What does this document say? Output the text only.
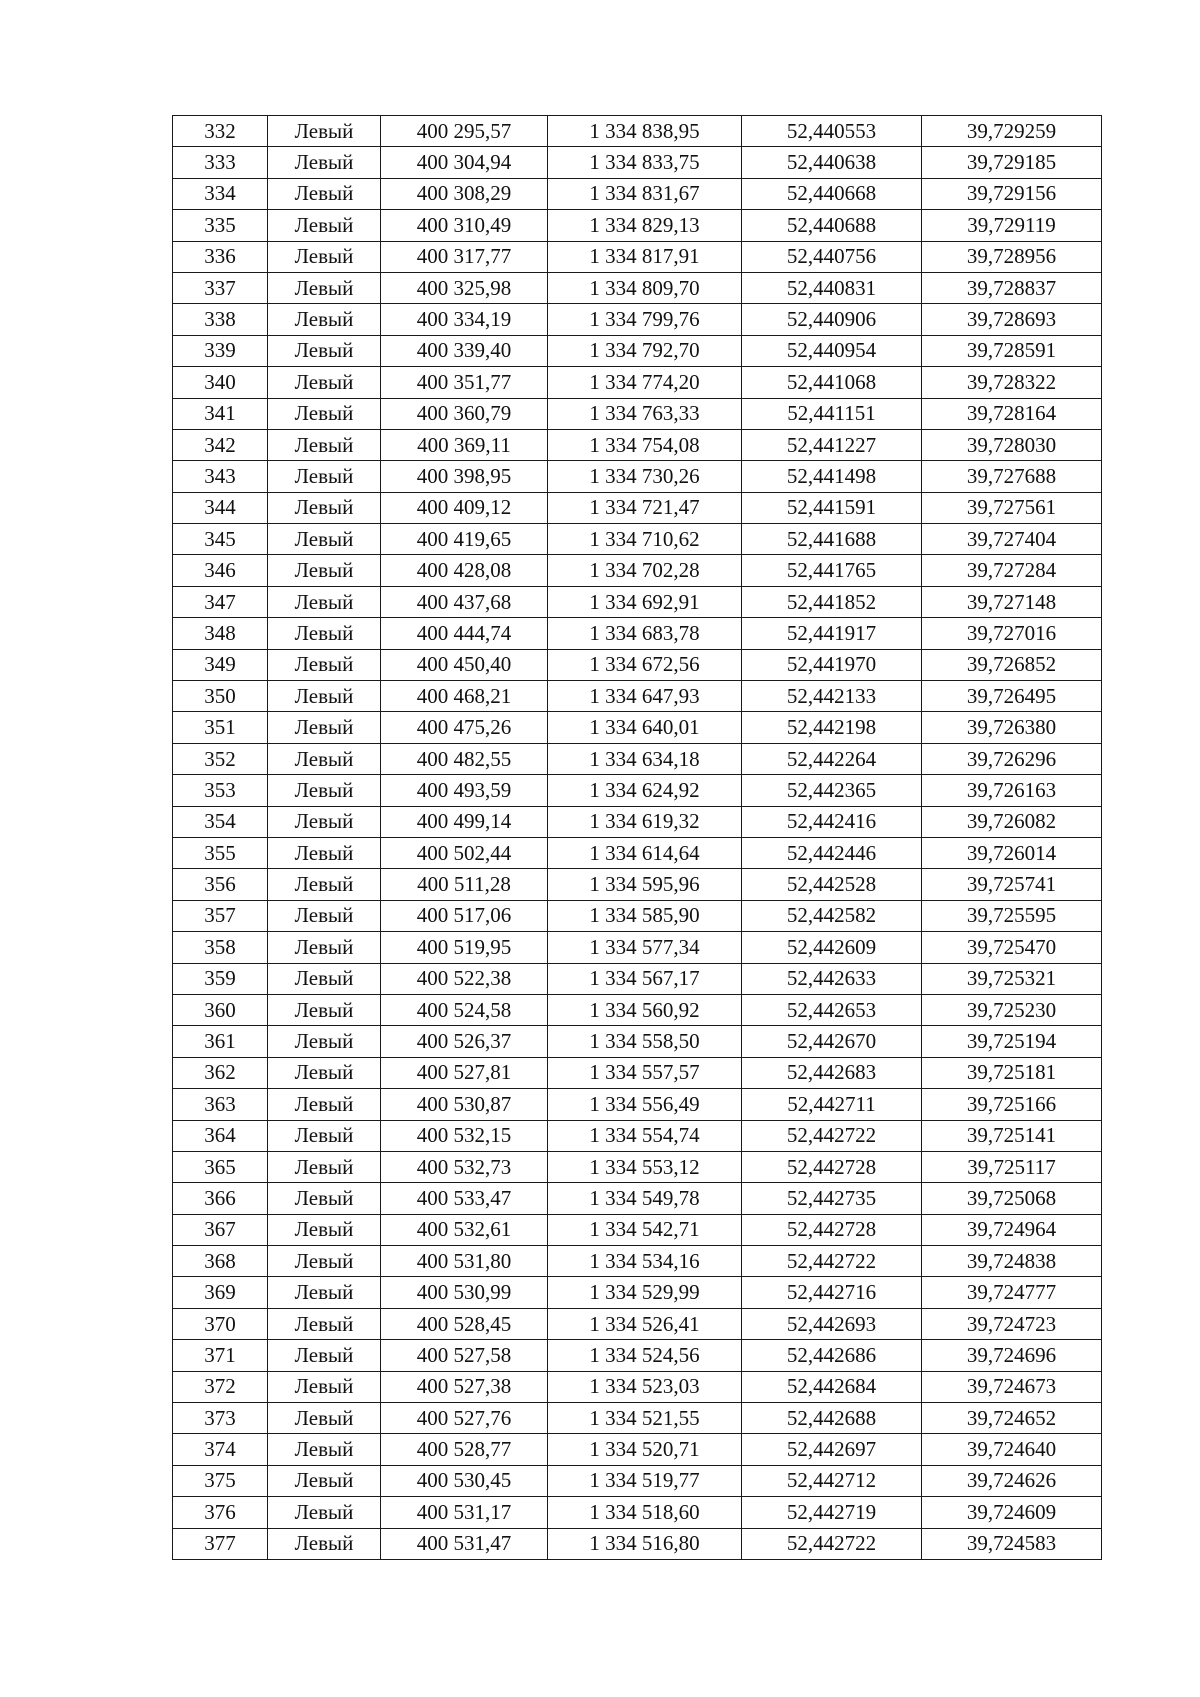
332	Левый	400 295,57	1 334 838,95	52,440553	39,729259
333	Левый	400 304,94	1 334 833,75	52,440638	39,729185
334	Левый	400 308,29	1 334 831,67	52,440668	39,729156
335	Левый	400 310,49	1 334 829,13	52,440688	39,729119
336	Левый	400 317,77	1 334 817,91	52,440756	39,728956
337	Левый	400 325,98	1 334 809,70	52,440831	39,728837
338	Левый	400 334,19	1 334 799,76	52,440906	39,728693
339	Левый	400 339,40	1 334 792,70	52,440954	39,728591
340	Левый	400 351,77	1 334 774,20	52,441068	39,728322
341	Левый	400 360,79	1 334 763,33	52,441151	39,728164
342	Левый	400 369,11	1 334 754,08	52,441227	39,728030
343	Левый	400 398,95	1 334 730,26	52,441498	39,727688
344	Левый	400 409,12	1 334 721,47	52,441591	39,727561
345	Левый	400 419,65	1 334 710,62	52,441688	39,727404
346	Левый	400 428,08	1 334 702,28	52,441765	39,727284
347	Левый	400 437,68	1 334 692,91	52,441852	39,727148
348	Левый	400 444,74	1 334 683,78	52,441917	39,727016
349	Левый	400 450,40	1 334 672,56	52,441970	39,726852
350	Левый	400 468,21	1 334 647,93	52,442133	39,726495
351	Левый	400 475,26	1 334 640,01	52,442198	39,726380
352	Левый	400 482,55	1 334 634,18	52,442264	39,726296
353	Левый	400 493,59	1 334 624,92	52,442365	39,726163
354	Левый	400 499,14	1 334 619,32	52,442416	39,726082
355	Левый	400 502,44	1 334 614,64	52,442446	39,726014
356	Левый	400 511,28	1 334 595,96	52,442528	39,725741
357	Левый	400 517,06	1 334 585,90	52,442582	39,725595
358	Левый	400 519,95	1 334 577,34	52,442609	39,725470
359	Левый	400 522,38	1 334 567,17	52,442633	39,725321
360	Левый	400 524,58	1 334 560,92	52,442653	39,725230
361	Левый	400 526,37	1 334 558,50	52,442670	39,725194
362	Левый	400 527,81	1 334 557,57	52,442683	39,725181
363	Левый	400 530,87	1 334 556,49	52,442711	39,725166
364	Левый	400 532,15	1 334 554,74	52,442722	39,725141
365	Левый	400 532,73	1 334 553,12	52,442728	39,725117
366	Левый	400 533,47	1 334 549,78	52,442735	39,725068
367	Левый	400 532,61	1 334 542,71	52,442728	39,724964
368	Левый	400 531,80	1 334 534,16	52,442722	39,724838
369	Левый	400 530,99	1 334 529,99	52,442716	39,724777
370	Левый	400 528,45	1 334 526,41	52,442693	39,724723
371	Левый	400 527,58	1 334 524,56	52,442686	39,724696
372	Левый	400 527,38	1 334 523,03	52,442684	39,724673
373	Левый	400 527,76	1 334 521,55	52,442688	39,724652
374	Левый	400 528,77	1 334 520,71	52,442697	39,724640
375	Левый	400 530,45	1 334 519,77	52,442712	39,724626
376	Левый	400 531,17	1 334 518,60	52,442719	39,724609
377	Левый	400 531,47	1 334 516,80	52,442722	39,724583
